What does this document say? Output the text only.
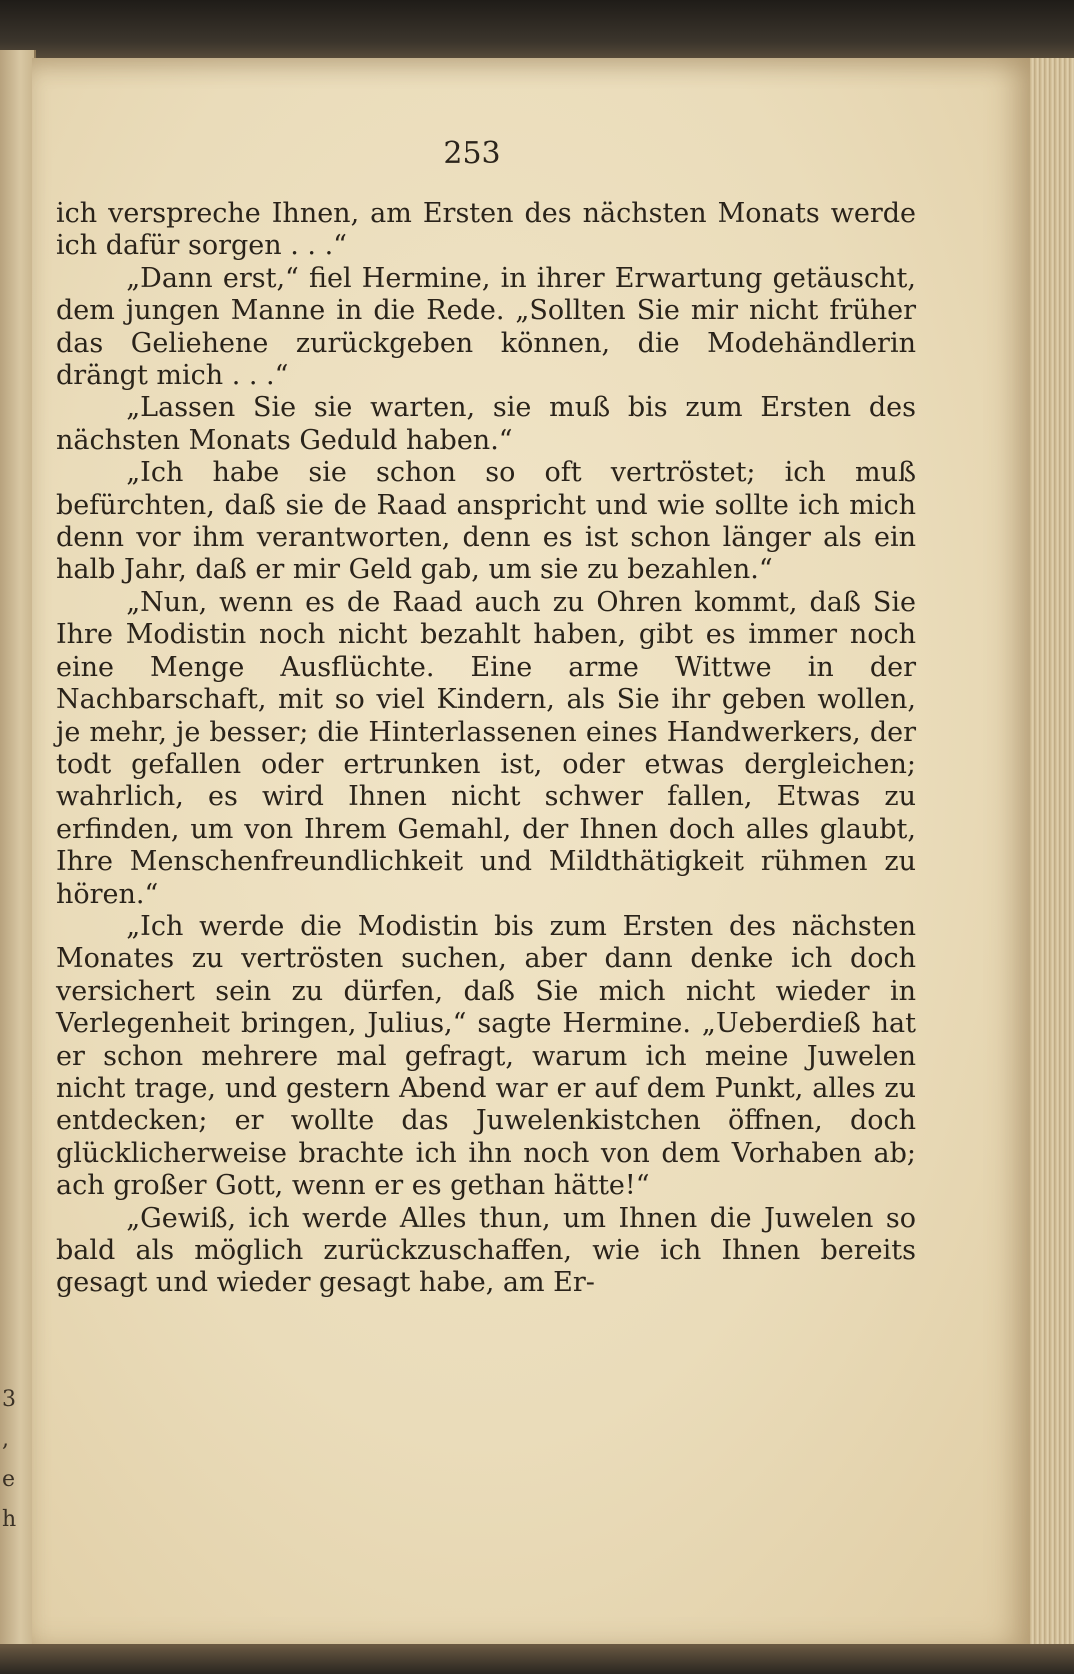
253

ich verspreche Ihnen, am Ersten des nächsten Monats werde ich dafür sorgen . . .“

„Dann erst,“ fiel Hermine, in ihrer Erwartung getäuscht, dem jungen Manne in die Rede. „Sollten Sie mir nicht früher das Geliehene zurückgeben können, die Modehändlerin drängt mich . . .“

„Lassen Sie sie warten, sie muß bis zum Ersten des nächsten Monats Geduld haben.“

„Ich habe sie schon so oft vertröstet; ich muß befürchten, daß sie de Raad anspricht und wie sollte ich mich denn vor ihm verantworten, denn es ist schon länger als ein halb Jahr, daß er mir Geld gab, um sie zu bezahlen.“

„Nun, wenn es de Raad auch zu Ohren kommt, daß Sie Ihre Modistin noch nicht bezahlt haben, gibt es immer noch eine Menge Ausflüchte. Eine arme Wittwe in der Nachbarschaft, mit so viel Kindern, als Sie ihr geben wollen, je mehr, je besser; die Hinterlassenen eines Handwerkers, der todt gefallen oder ertrunken ist, oder etwas dergleichen; wahrlich, es wird Ihnen nicht schwer fallen, Etwas zu erfinden, um von Ihrem Gemahl, der Ihnen doch alles glaubt, Ihre Menschenfreundlichkeit und Mildthätigkeit rühmen zu hören.“

„Ich werde die Modistin bis zum Ersten des nächsten Monates zu vertrösten suchen, aber dann denke ich doch versichert sein zu dürfen, daß Sie mich nicht wieder in Verlegenheit bringen, Julius,“ sagte Hermine. „Ueberdieß hat er schon mehrere mal gefragt, warum ich meine Juwelen nicht trage, und gestern Abend war er auf dem Punkt, alles zu entdecken; er wollte das Juwelenkistchen öffnen, doch glücklicherweise brachte ich ihn noch von dem Vorhaben ab; ach großer Gott, wenn er es gethan hätte!“

„Gewiß, ich werde Alles thun, um Ihnen die Juwelen so bald als möglich zurückzuschaffen, wie ich Ihnen bereits gesagt und wieder gesagt habe, am Er-

3
,
e
h
